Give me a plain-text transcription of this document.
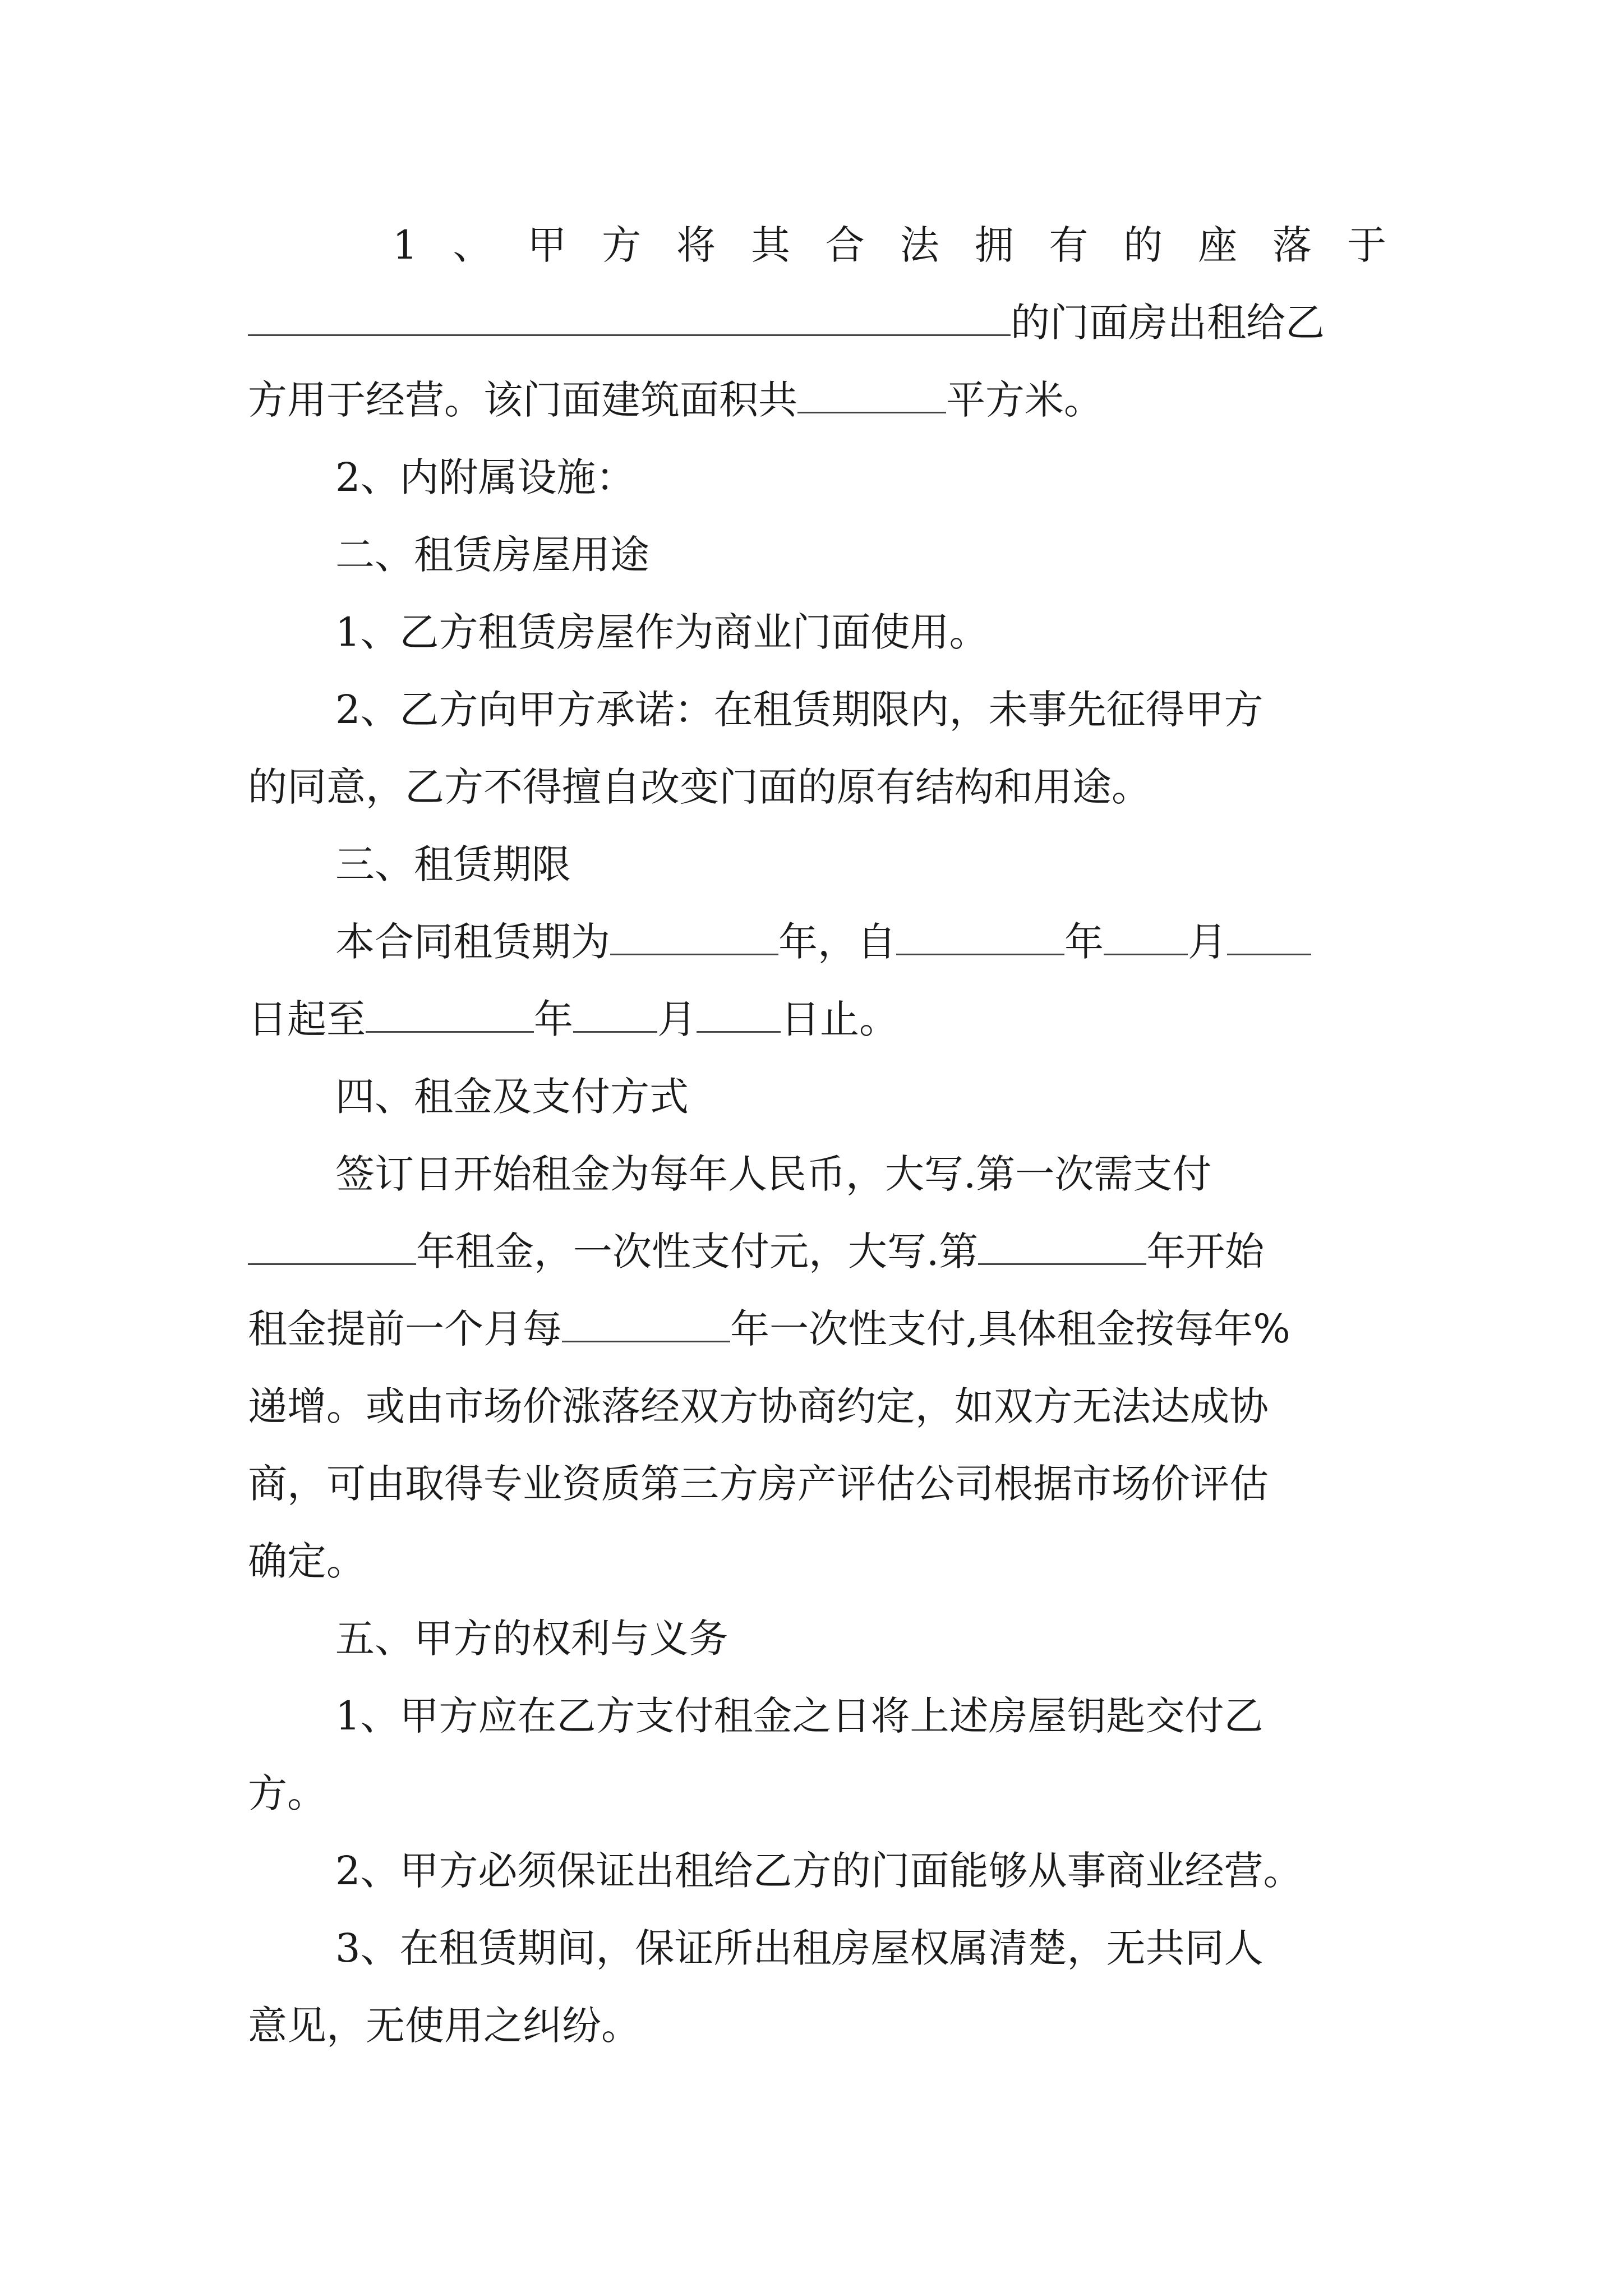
1 、 甲 方 将 其 合 法 拥 有 的 座 落 于
的门面房出租给乙
方用于经营。该门面建筑面积共	平方米。
2、内附属设施：
二、租赁房屋用途
1、乙方租赁房屋作为商业门面使用。
2、乙方向甲方承诺：在租赁期限内，未事先征得甲方
的同意，乙方不得擅自改变门面的原有结构和用途。
三、租赁期限
本合同租赁期为	年，自	年 月
日起至	年 月 日止。
四、租金及支付方式
签订日开始租金为每年人民币，大写.第一次需支付
年租金，一次性支付元，大写.第	年开始
租金提前一个月每	年一次性支付,具体租金按每年%
递增。或由市场价涨落经双方协商约定，如双方无法达成协
商，可由取得专业资质第三方房产评估公司根据市场价评估
确定。
五、甲方的权利与义务
1、甲方应在乙方支付租金之日将上述房屋钥匙交付乙
方。
2、甲方必须保证出租给乙方的门面能够从事商业经营。
3、在租赁期间，保证所出租房屋权属清楚，无共同人
意见，无使用之纠纷。
